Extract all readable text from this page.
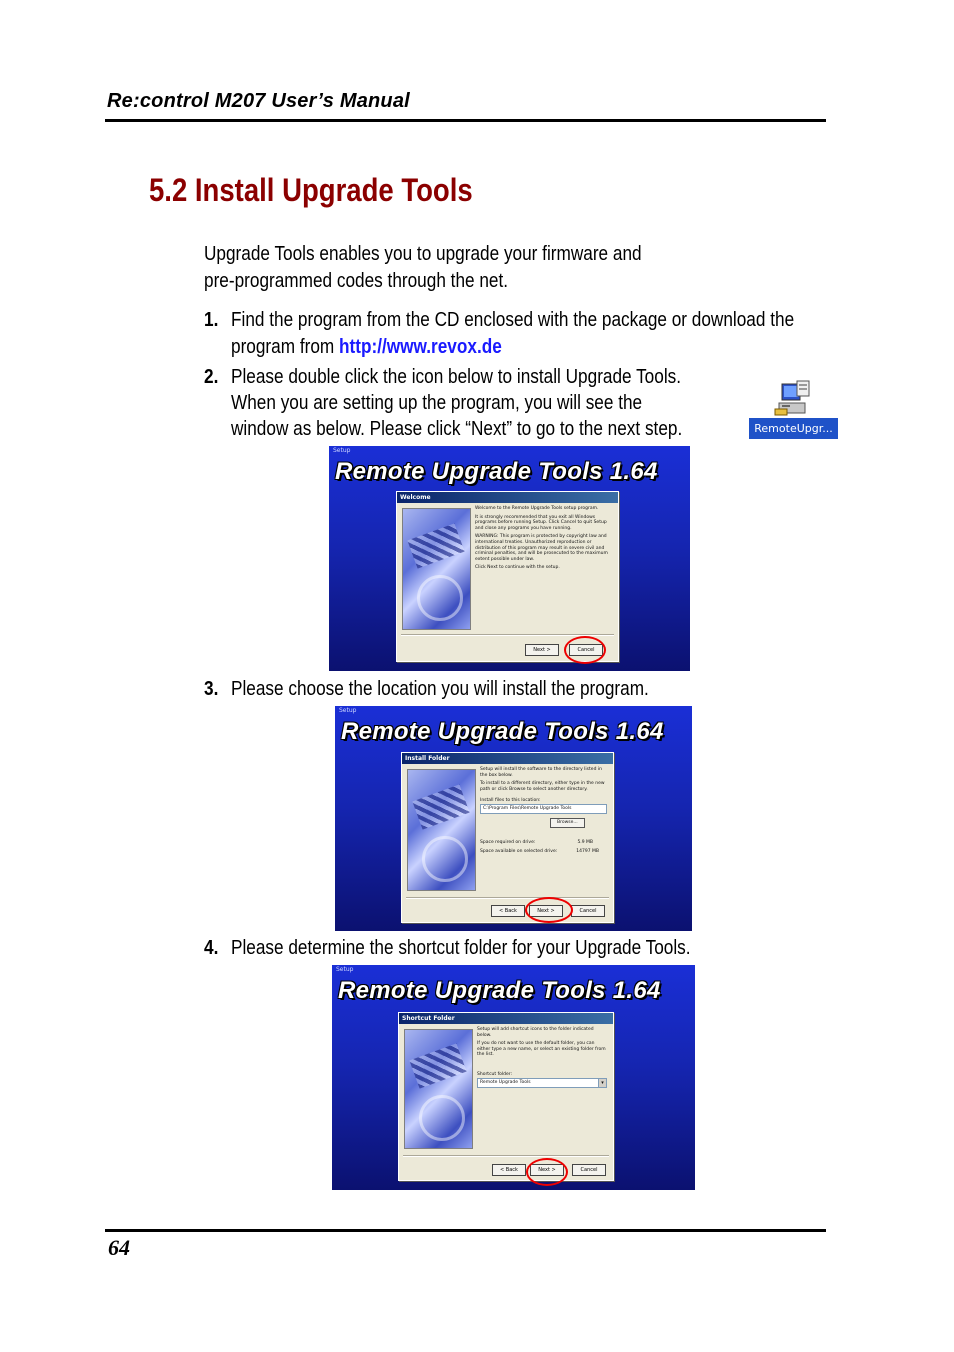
Re:control M207 User’s Manual
5.2 Install Upgrade Tools
Upgrade Tools enables you to upgrade your firmware and
pre-programmed codes through the net.
1. Find the program from the CD enclosed with the package or download the
program from http://www.revox.de
2. Please double click the icon below to install Upgrade Tools.
When you are setting up the program, you will see the
window as below. Please click “Next” to go to the next step.	RemoteUpgr...
Setup
Remote Upgrade Tools 1.64
Welcome

Welcome to the Remote Upgrade Tools setup program.

It is strongly recommended that you exit all Windows programs before running Setup. Click Cancel to quit Setup and close any programs you have running.

WARNING: This program is protected by copyright law and international treaties. Unauthorized reproduction or distribution of this program may result in severe civil and criminal penalties, and will be prosecuted to the maximum extent possible under law.

Click Next to continue with the setup.

Next >	Cancel
3. Please choose the location you will install the program.
Setup
Remote Upgrade Tools 1.64
Install Folder

Setup will install the software to the directory listed in the box below.

To install to a different directory, either type in the new path or click Browse to select another directory.

Install files to this location:
C:\Program Files\Remote Upgrade Tools
Browse...
Space required on drive:	5.9 MB
Space available on selected drive:	14797 MB
< Back	Next >	Cancel
4. Please determine the shortcut folder for your Upgrade Tools.
Setup
Remote Upgrade Tools 1.64
Shortcut Folder

Setup will add shortcut icons to the folder indicated below.

If you do not want to use the default folder, you can either type a new name, or select an existing folder from the list.

Shortcut folder:
Remote Upgrade Tools	▾
< Back	Next >	Cancel
64
